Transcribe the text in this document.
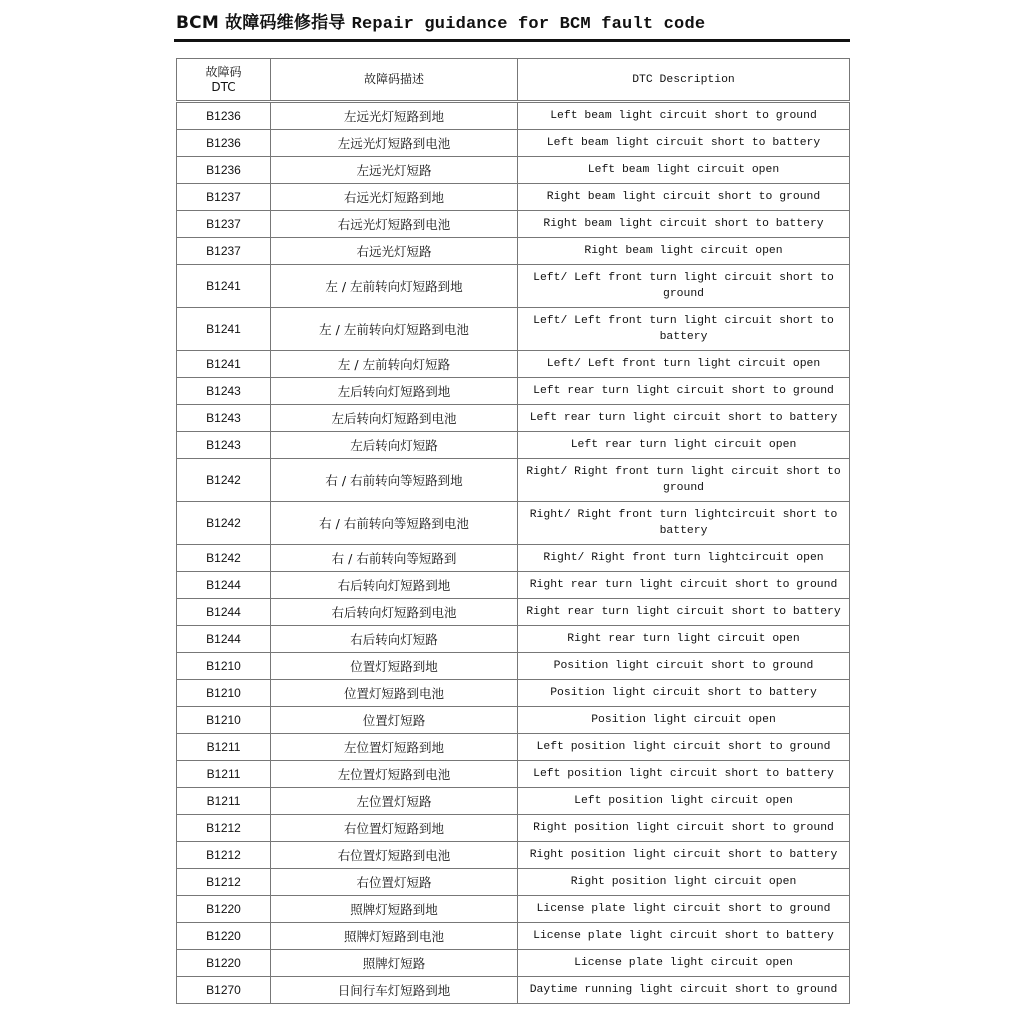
BCM 故障码维修指导 Repair guidance for BCM fault code
故障码
DTC	故障码描述	DTC Description
B1236	左远光灯短路到地	Left beam light circuit short to ground
B1236	左远光灯短路到电池	Left beam light circuit short to battery
B1236	左远光灯短路	Left beam light circuit open
B1237	右远光灯短路到地	Right beam light circuit short to ground
B1237	右远光灯短路到电池	Right beam light circuit short to battery
B1237	右远光灯短路	Right beam light circuit open
B1241	左 / 左前转向灯短路到地	Left/ Left front turn light circuit short to ground
B1241	左 / 左前转向灯短路到电池	Left/ Left front turn light circuit short to battery
B1241	左 / 左前转向灯短路	Left/ Left front turn light circuit open
B1243	左后转向灯短路到地	Left rear turn light circuit short to ground
B1243	左后转向灯短路到电池	Left rear turn light circuit short to battery
B1243	左后转向灯短路	Left rear turn light circuit open
B1242	右 / 右前转向等短路到地	Right/ Right front turn light circuit short to ground
B1242	右 / 右前转向等短路到电池	Right/ Right front turn lightcircuit short to battery
B1242	右 / 右前转向等短路到	Right/ Right front turn lightcircuit open
B1244	右后转向灯短路到地	Right rear turn light circuit short to ground
B1244	右后转向灯短路到电池	Right rear turn light circuit short to battery
B1244	右后转向灯短路	Right rear turn light circuit open
B1210	位置灯短路到地	Position light circuit short to ground
B1210	位置灯短路到电池	Position light circuit short to battery
B1210	位置灯短路	Position light circuit open
B1211	左位置灯短路到地	Left position light circuit short to ground
B1211	左位置灯短路到电池	Left position light circuit short to battery
B1211	左位置灯短路	Left position light circuit open
B1212	右位置灯短路到地	Right position light circuit short to ground
B1212	右位置灯短路到电池	Right position light circuit short to battery
B1212	右位置灯短路	Right position light circuit open
B1220	照牌灯短路到地	License plate light circuit short to ground
B1220	照牌灯短路到电池	License plate light circuit short to battery
B1220	照牌灯短路	License plate light circuit open
B1270	日间行车灯短路到地	Daytime running light circuit short to ground
